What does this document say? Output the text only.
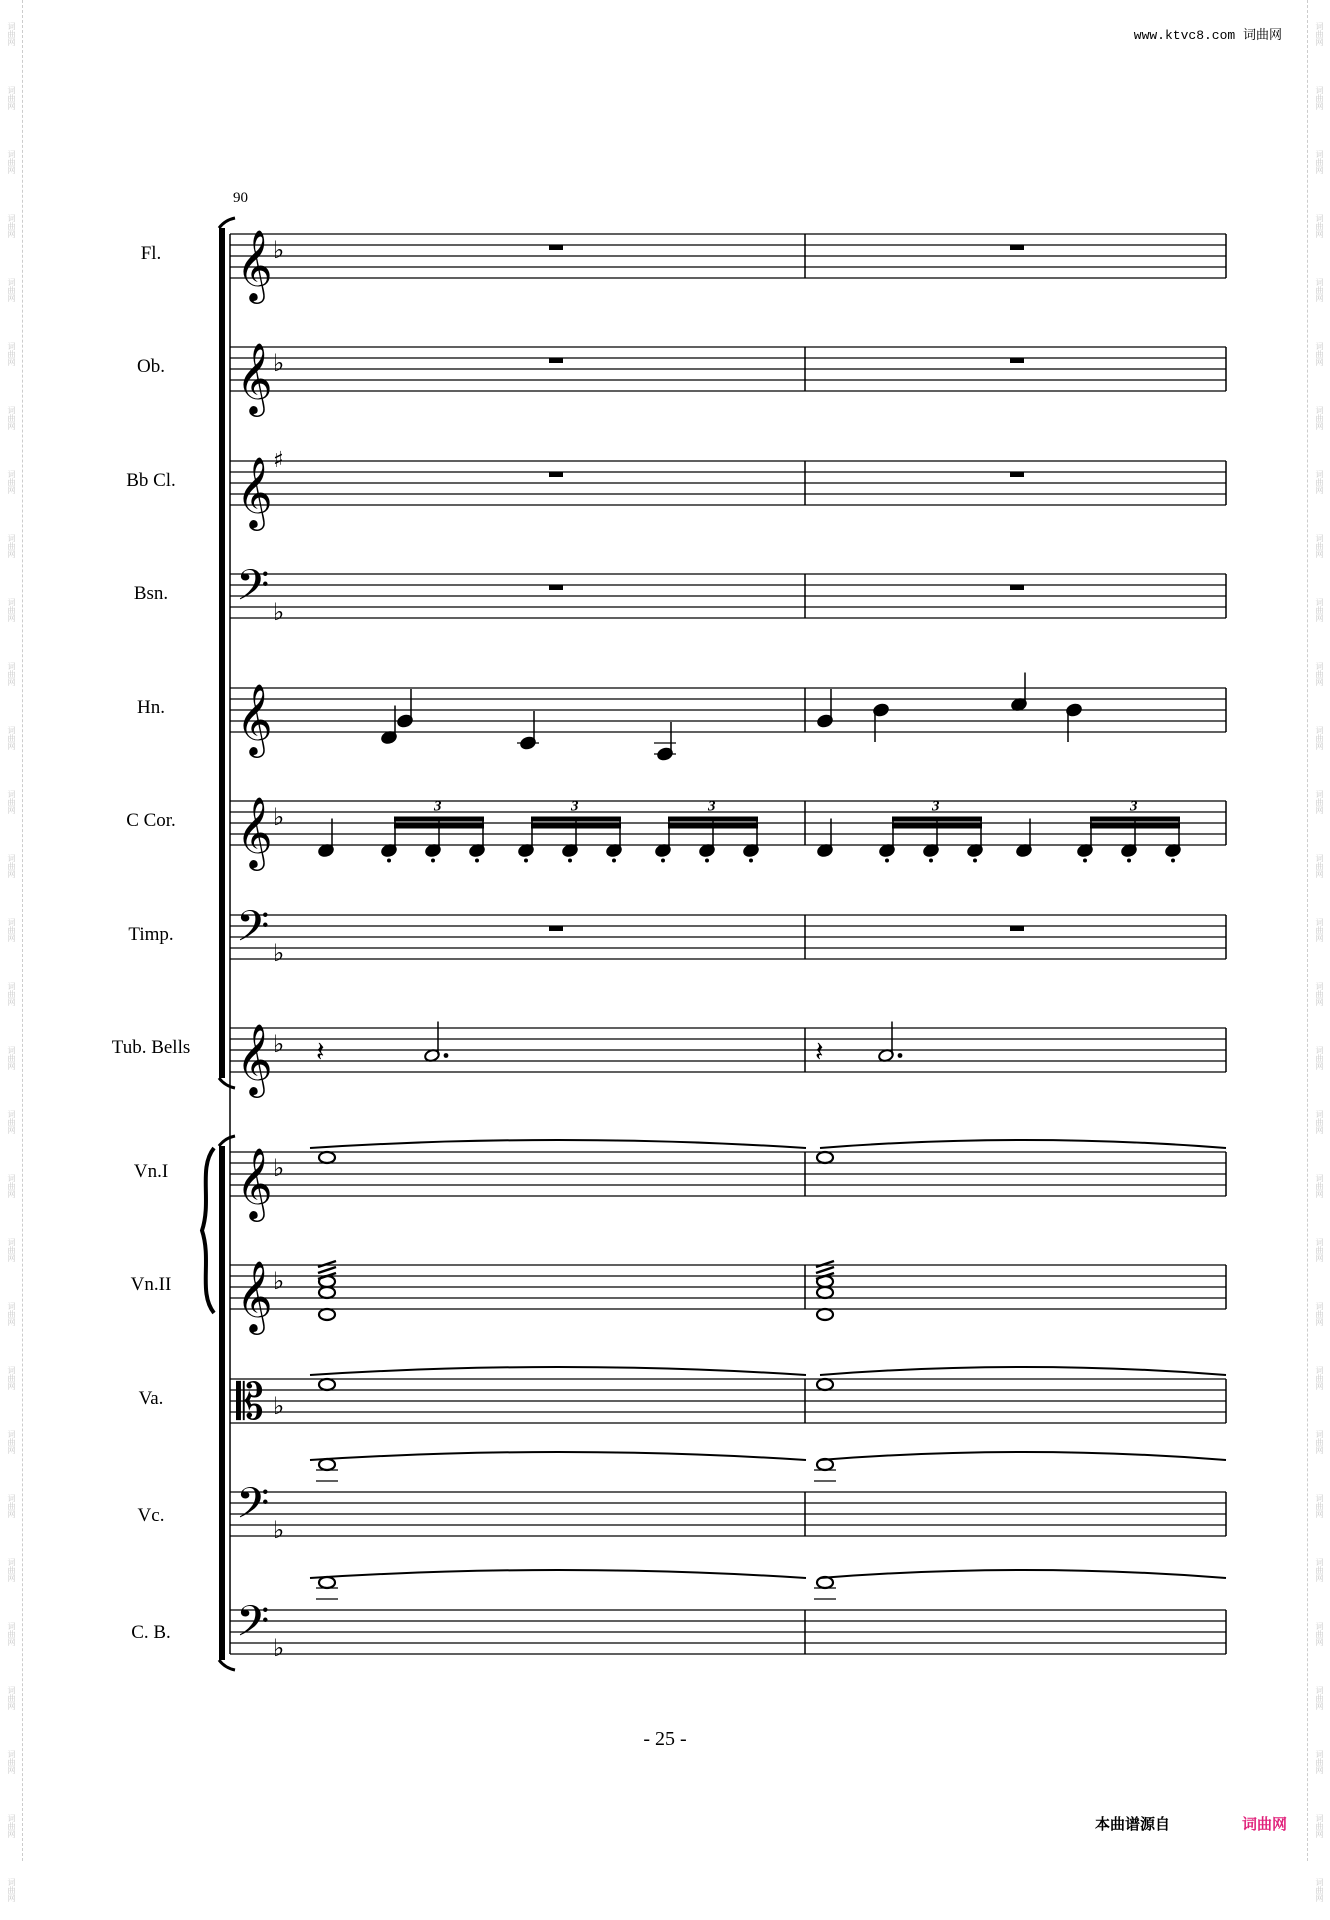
词曲网
词曲网
词曲网
词曲网
词曲网
词曲网
词曲网
词曲网
词曲网
词曲网
词曲网
词曲网
词曲网
词曲网
词曲网
词曲网
词曲网
词曲网
词曲网
词曲网
词曲网
词曲网
词曲网
词曲网
词曲网
词曲网
词曲网
词曲网
词曲网
词曲网
词曲网
词曲网
词曲网
词曲网
词曲网
词曲网
词曲网
词曲网
词曲网
词曲网
词曲网
词曲网
词曲网
词曲网
词曲网
词曲网
词曲网
词曲网
词曲网
词曲网
词曲网
词曲网
词曲网
词曲网
词曲网
词曲网
词曲网
词曲网
词曲网
词曲网
www.ktvc8.com 词曲网
90
Fl.
Ob.
Bb Cl.
Bsn.
Hn.
C Cor.
Timp.
Tub. Bells
Vn.I
Vn.II
Va.
Vc.
C. B.
𝄞 ♭
𝄞 ♭
𝄞 ♯
𝄢 ♭
𝄞
𝄞 ♭
𝄢 ♭
𝄞 ♭
𝄞 ♭
𝄞 ♭
𝄡 ♭
𝄢 ♭
𝄢 ♭
3	3	3	3	3
𝄽	𝄽
- 25 -
本曲谱源自	词曲网
